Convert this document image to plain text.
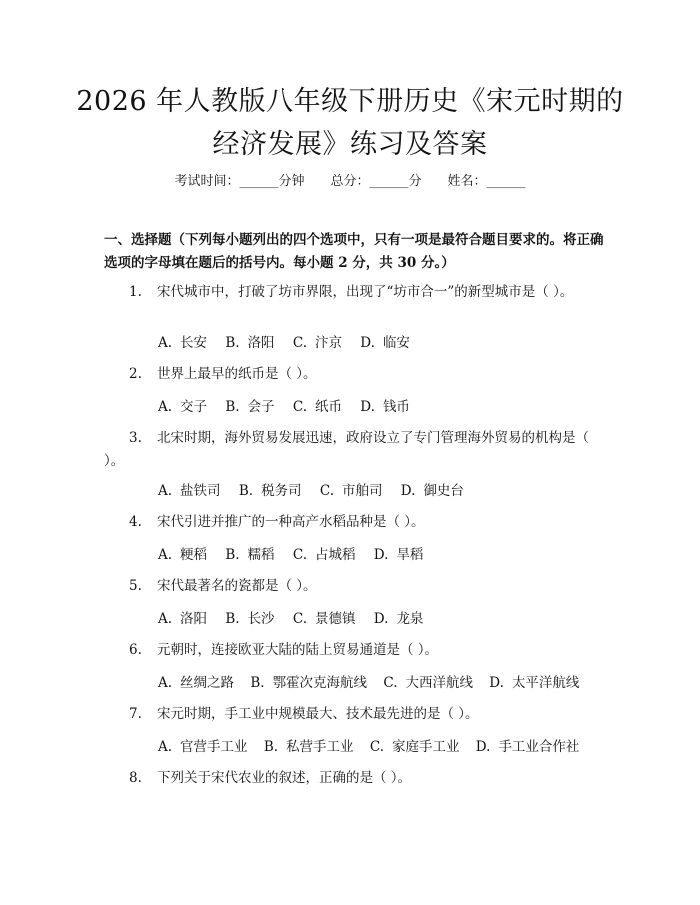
2026 年人教版八年级下册历史《宋元时期的
经济发展》练习及答案
考试时间：______分钟 总分：______分 姓名：______
一、选择题（下列每小题列出的四个选项中，只有一项是最符合题目要求的。将正确选项的字母填在题后的括号内。每小题 2 分，共 30 分。）
1. 宋代城市中，打破了坊市界限，出现了“坊市合一”的新型城市是（ ）。
A. 长安 B. 洛阳 C. 汴京 D. 临安
2. 世界上最早的纸币是（ ）。
A. 交子 B. 会子 C. 纸币 D. 钱币
3. 北宋时期，海外贸易发展迅速，政府设立了专门管理海外贸易的机构是（ ）。
A. 盐铁司 B. 税务司 C. 市舶司 D. 御史台
4. 宋代引进并推广的一种高产水稻品种是（ ）。
A. 粳稻 B. 糯稻 C. 占城稻 D. 旱稻
5. 宋代最著名的瓷都是（ ）。
A. 洛阳 B. 长沙 C. 景德镇 D. 龙泉
6. 元朝时，连接欧亚大陆的陆上贸易通道是（ ）。
A. 丝绸之路 B. 鄂霍次克海航线 C. 大西洋航线 D. 太平洋航线
7. 宋元时期，手工业中规模最大、技术最先进的是（ ）。
A. 官营手工业 B. 私营手工业 C. 家庭手工业 D. 手工业合作社
8. 下列关于宋代农业的叙述，正确的是（ ）。
